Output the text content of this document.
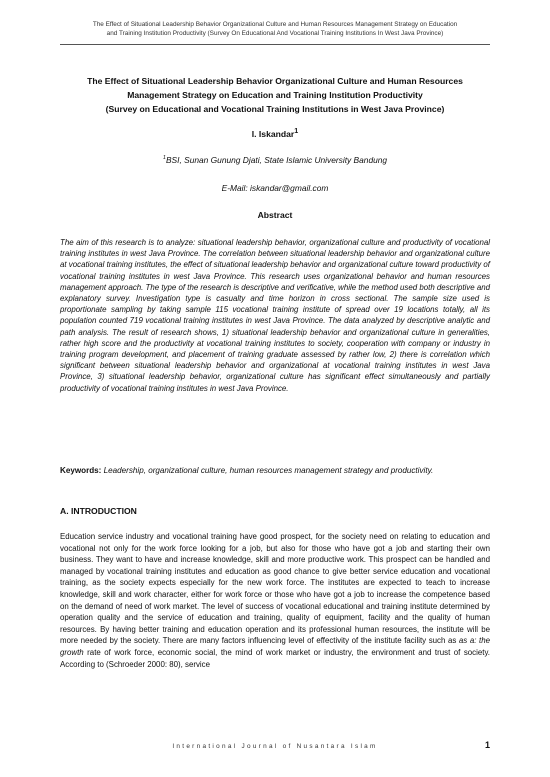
The Effect of Situational Leadership Behavior Organizational Culture and Human Resources Management Strategy on Education
and Training Institution Productivity (Survey On Educational And Vocational Training Institutions In West Java Province)
The Effect of Situational Leadership Behavior Organizational Culture and Human Resources
Management Strategy on Education and Training Institution Productivity
(Survey on Educational and Vocational Training Institutions in West Java Province)
I. Iskandar$^1$
$^1$BSI, Sunan Gunung Djati, State Islamic University Bandung
E-Mail: iskandar@gmail.com
Abstract
The aim of this research is to analyze: situational leadership behavior, organizational culture and productivity of vocational training institutes in west Java Province. The correlation between situational leadership behavior and organizational culture at vocational training institutes, the effect of situational leadership behavior and organizational culture toward productivity of vocational training institutes in west Java Province. This research uses organizational behavior and human resources management approach. The type of the research is descriptive and verificative, while the method used both descriptive and explanatory survey. Investigation type is casualty and time horizon in cross sectional. The sample size used is proportionate sampling by taking sample 115 vocational training institute of spread over 19 locations totally, all its population counted 719 vocational training institutes in west Java Province. The data analyzed by descriptive analytic and path analysis. The result of research shows, 1) situational leadership behavior and organizational culture in generalities, rather high score and the productivity at vocational training institutes to society, cooperation with company or industry in training program development, and placement of training graduate assessed by rather low, 2) there is correlation which significant between situational leadership behavior and organizational at vocational training institutes in west Java Province, 3) situational leadership behavior, organizational culture has significant effect simultaneously and partially productivity of vocational training institutes in west Java Province.
Keywords: Leadership, organizational culture, human resources management strategy and productivity.
A. INTRODUCTION
Education service industry and vocational training have good prospect, for the society need on relating to education and vocational not only for the work force looking for a job, but also for those who have got a job and starting their own business. They want to have and increase knowledge, skill and more productive work. This prospect can be handled and managed by vocational training institutes and education as good chance to give better service education and vocational training, as the society expects especially for the new work force. The institutes are expected to teach to increase knowledge, skill and work character, either for work force or those who have got a job to increase the competence based on the demand of need of work market. The level of success of vocational educational and training institute determined by operation quality and the service of education and training, quality of equipment, facility and the quality of human resources. By having better training and education operation and its professional human resources, the institute will be more needed by the society. There are many factors influencing level of effectivity of the institute facility such as as a: the growth rate of work force, economic social, the mind of work market or industry, the environment and trust of society. According to (Schroeder 2000: 80), service
International Journal of Nusantara Islam	1
